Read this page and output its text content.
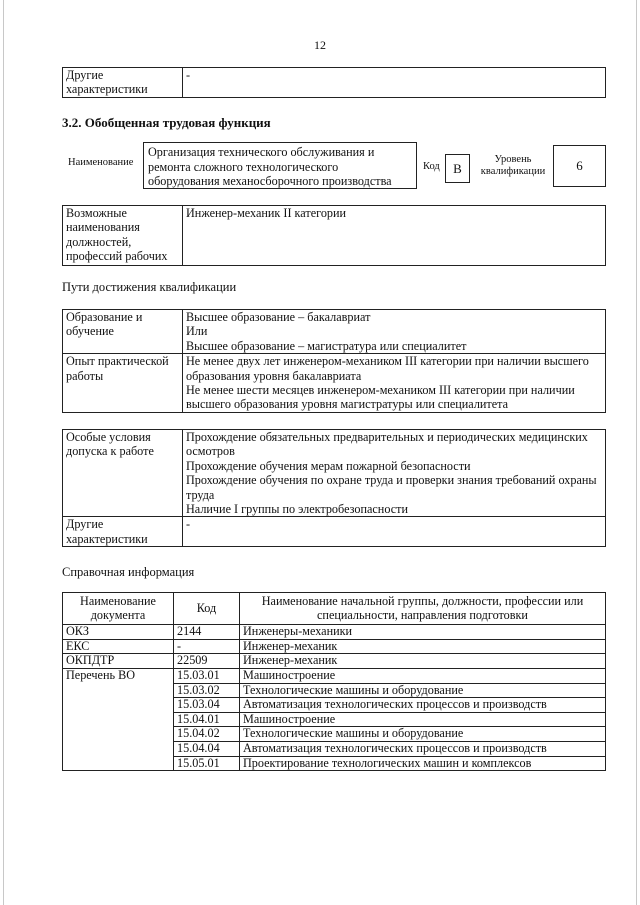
12
Другие характеристики	-
3.2. Обобщенная трудовая функция
Наименование
Организация технического обслуживания и ремонта сложного технологического оборудования механосборочного производства
Код	B
Уровень квалификации	6
Возможные наименования должностей, профессий рабочих	Инженер-механик II категории
Пути достижения квалификации
Образование и обучение	Высшее образование – бакалавриат
Или
Высшее образование – магистратура или специалитет

Опыт практической работы	Не менее двух лет инженером-механиком III категории при наличии высшего образования уровня бакалавриата
Не менее шести месяцев инженером-механиком III категории при наличии высшего образования уровня магистратуры или специалитета
Особые условия допуска к работе	Прохождение обязательных предварительных и периодических медицинских осмотров
Прохождение обучения мерам пожарной безопасности
Прохождение обучения по охране труда и проверки знания требований охраны труда
Наличие I группы по электробезопасности

Другие характеристики	-
Справочная информация
Наименование документа	Код	Наименование начальной группы, должности, профессии или специальности, направления подготовки
ОКЗ	2144	Инженеры-механики
ЕКС	-	Инженер-механик
ОКПДТР	22509	Инженер-механик
Перечень ВО	15.03.01	Машиностроение
	15.03.02	Технологические машины и оборудование
	15.03.04	Автоматизация технологических процессов и производств
	15.04.01	Машиностроение
	15.04.02	Технологические машины и оборудование
	15.04.04	Автоматизация технологических процессов и производств
	15.05.01	Проектирование технологических машин и комплексов
